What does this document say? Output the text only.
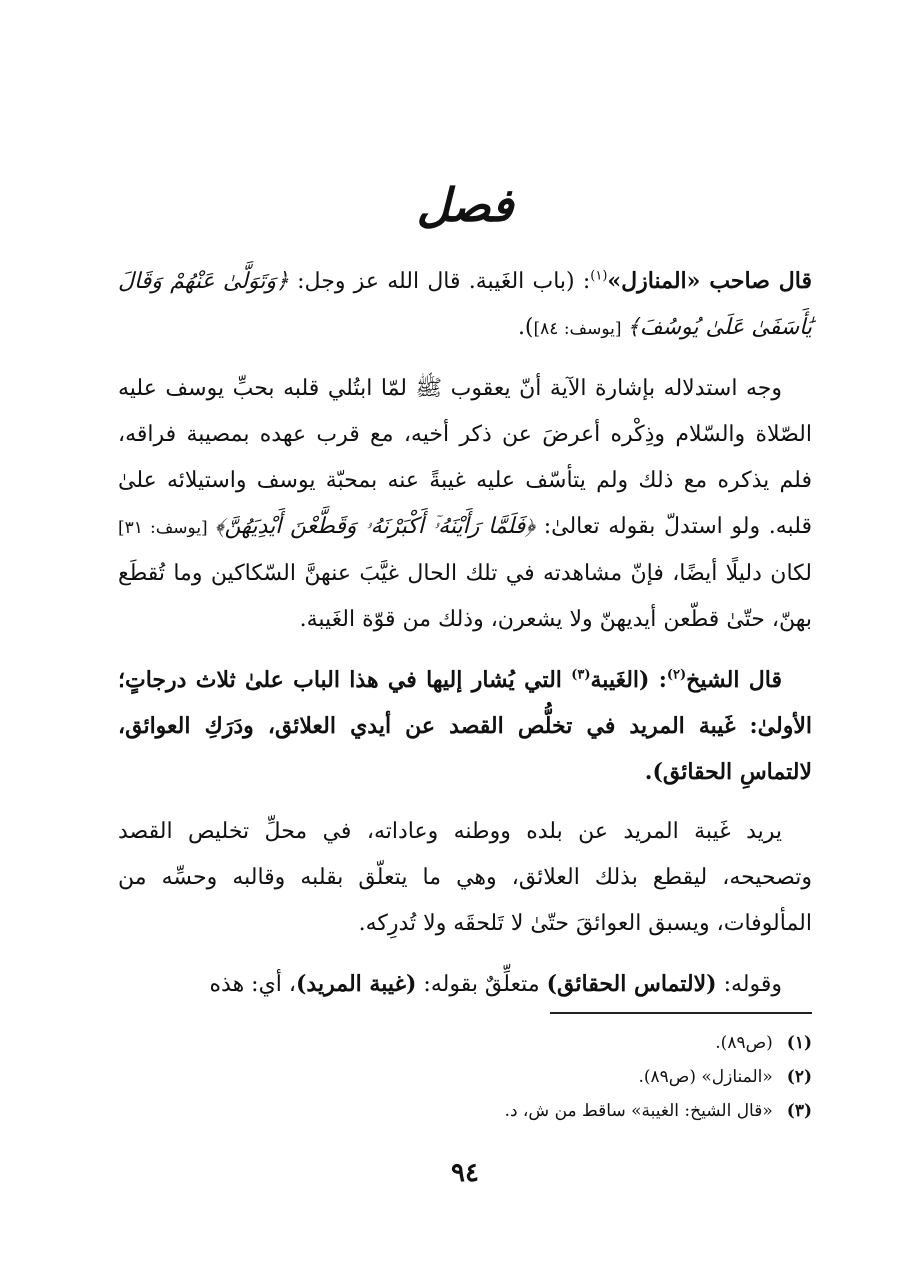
فصل

قال صاحب «المنازل»$^{(١)}$: (باب الغَيبة. قال الله عز وجل: ﴿وَتَوَلَّىٰ عَنْهُمْ وَقَالَ يَٰأَسَفَىٰ عَلَىٰ يُوسُفَ﴾ [يوسف: ٨٤]).

وجه استدلاله بإشارة الآية أنّ يعقوب ﷺ لمّا ابتُلي قلبه بحبِّ يوسف عليه الصّلاة والسّلام وذِكْره أعرضَ عن ذكر أخيه، مع قرب عهده بمصيبة فراقه، فلم يذكره مع ذلك ولم يتأسّف عليه غيبةً عنه بمحبّة يوسف واستيلائه علىٰ قلبه. ولو استدلّ بقوله تعالىٰ: ﴿فَلَمَّا رَأَيْنَهُۥٓ أَكْبَرْنَهُۥ وَقَطَّعْنَ أَيْدِيَهُنَّ﴾ [يوسف: ٣١] لكان دليلًا أيضًا، فإنّ مشاهدته في تلك الحال غيَّبَ عنهنَّ السّكاكين وما تُقطَع بهنّ، حتّىٰ قطّعن أيديهنّ ولا يشعرن، وذلك من قوّة الغَيبة.

قال الشيخ$^{(٢)}$: (الغَيبة$^{(٣)}$ التي يُشار إليها في هذا الباب علىٰ ثلاث درجاتٍ؛ الأولىٰ: غَيبة المريد في تخلُّص القصد عن أيدي العلائق، ودَرَكِ العوائق، لالتماسِ الحقائق).

يريد غَيبة المريد عن بلده ووطنه وعاداته، في محلِّ تخليص القصد وتصحيحه، ليقطع بذلك العلائق، وهي ما يتعلّق بقلبه وقالبه وحسِّه من المألوفات، ويسبق العوائقَ حتّىٰ لا تَلحقَه ولا تُدرِكه.

وقوله: (لالتماس الحقائق) متعلِّقٌ بقوله: (غيبة المريد)، أي: هذه

(١)(ص٨٩).
(٢)«المنازل» (ص٨٩).
(٣)«قال الشيخ: الغيبة» ساقط من ش، د.
٩٤
